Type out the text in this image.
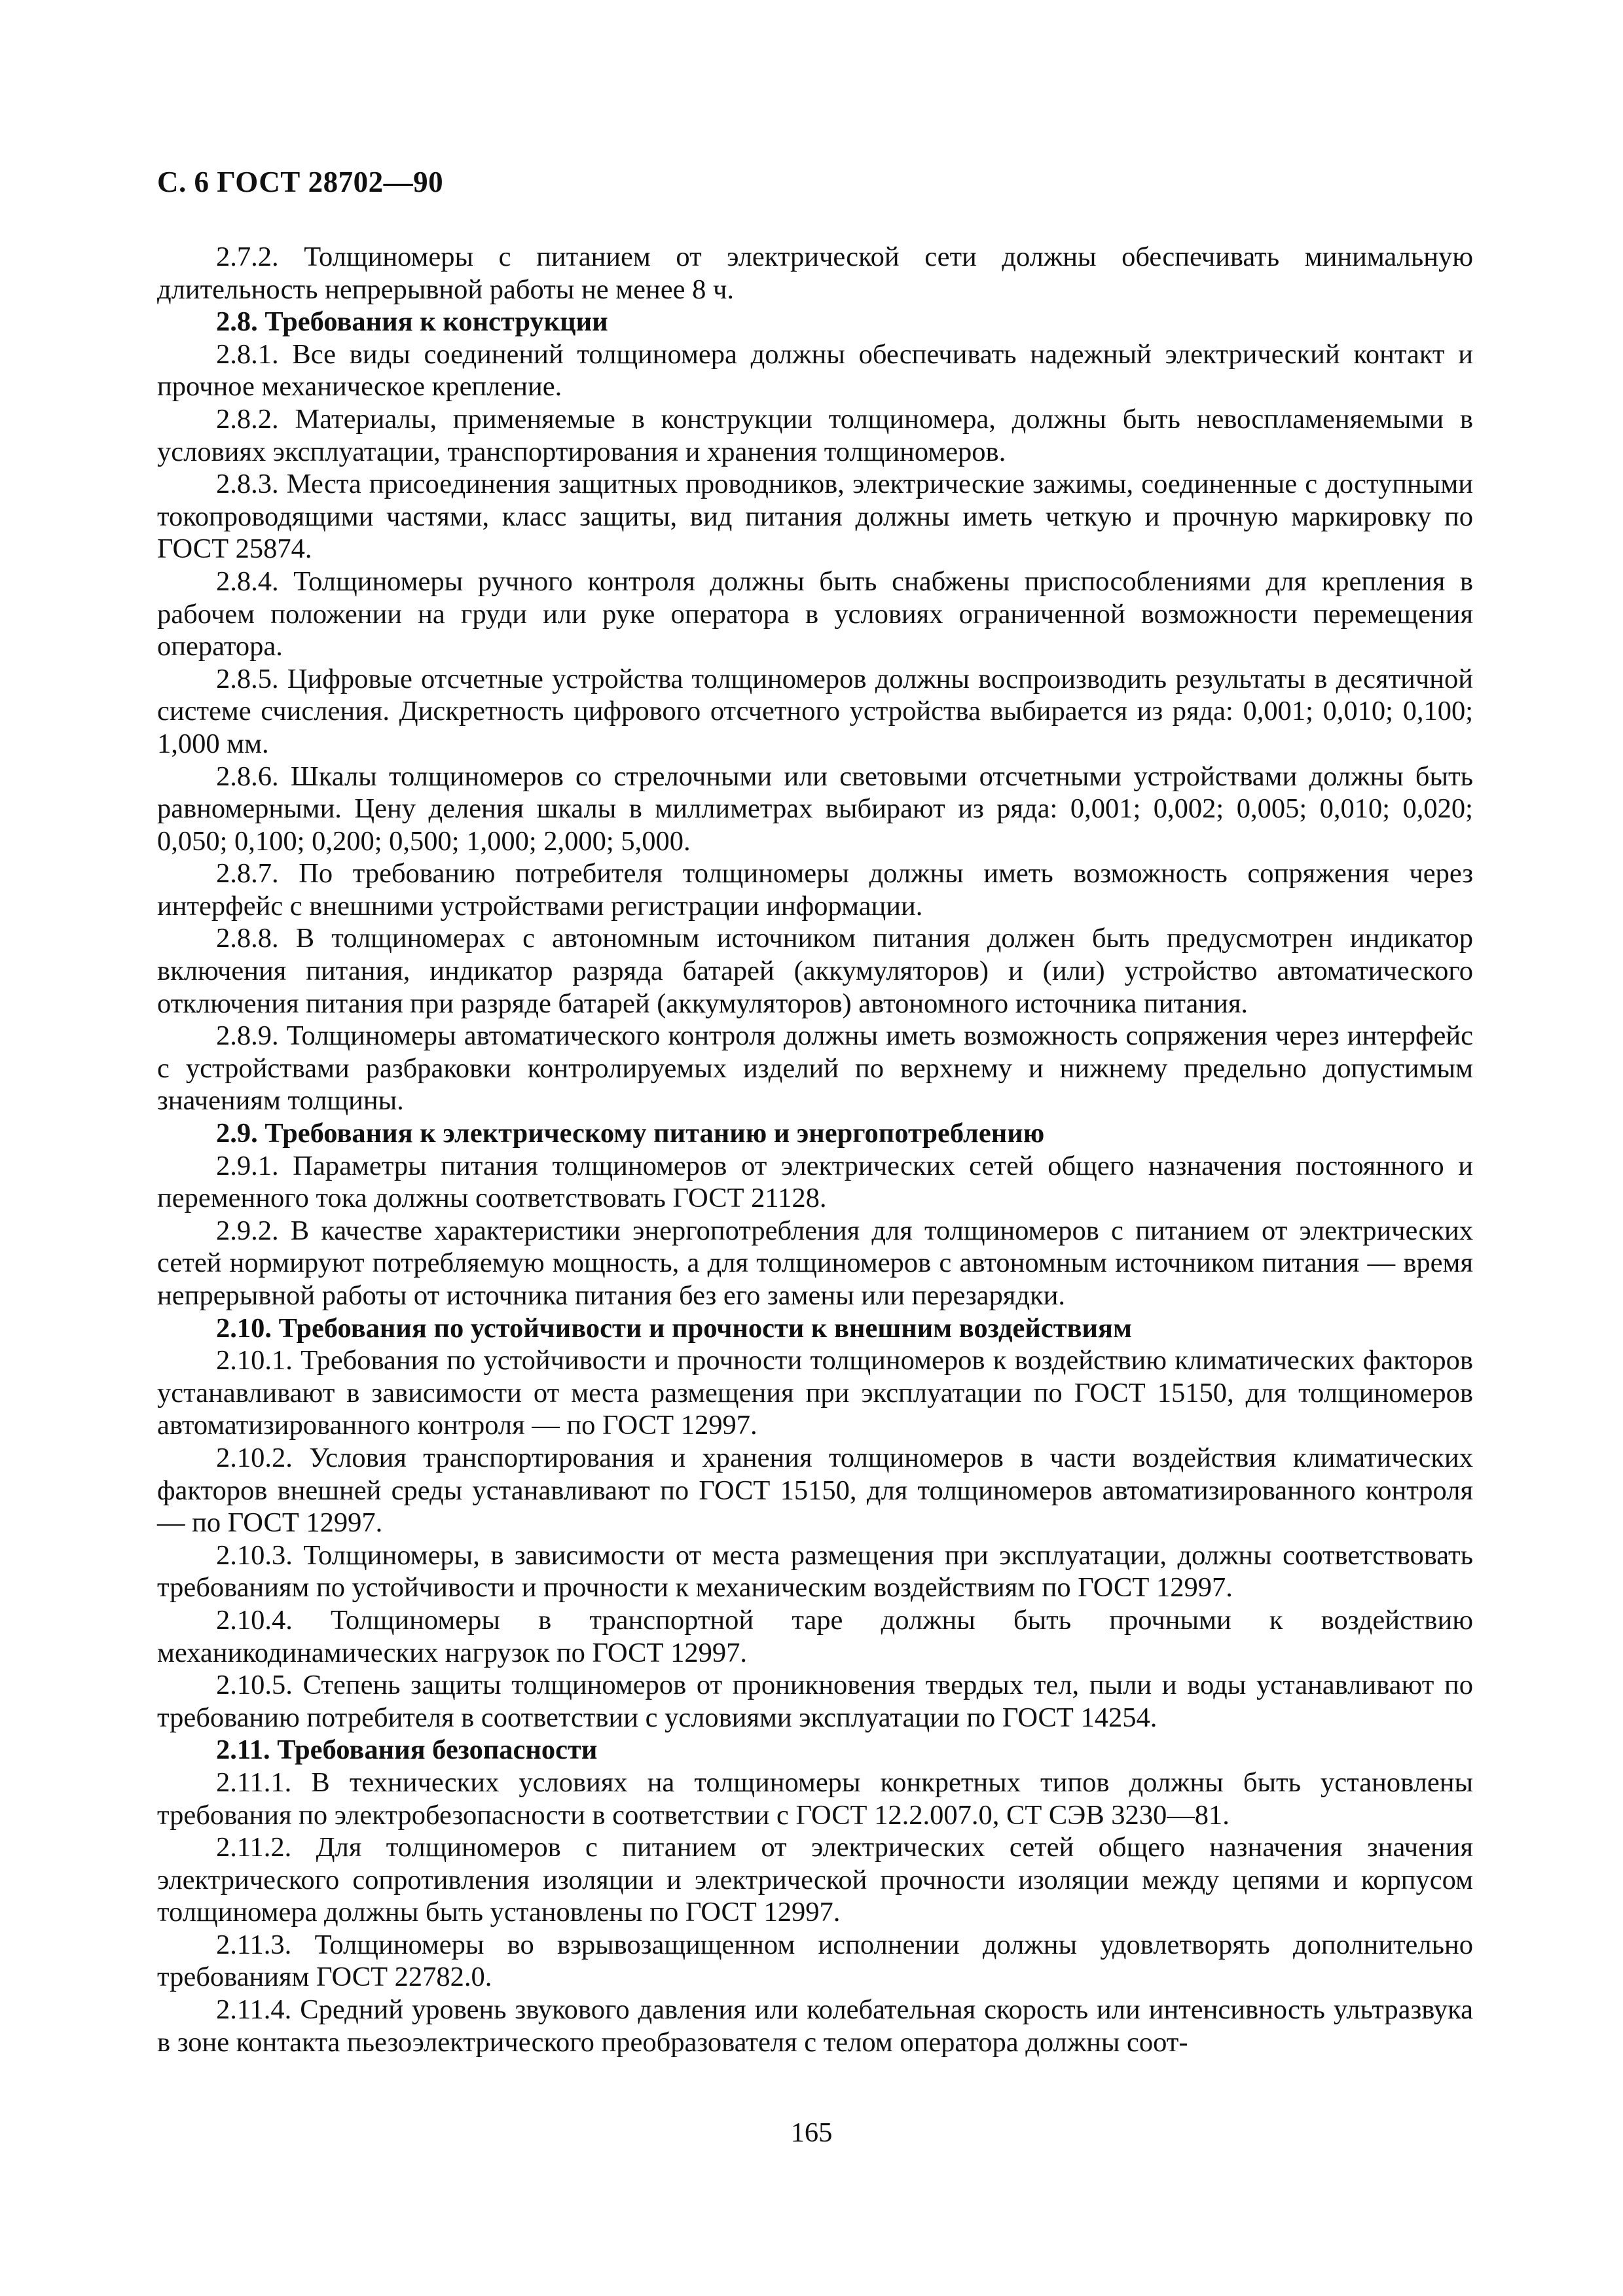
С. 6 ГОСТ 28702—90

2.7.2. Толщиномеры с питанием от электрической сети должны обеспечивать минимальную длительность непрерывной работы не менее 8 ч.

2.8. Требования к конструкции

2.8.1. Все виды соединений толщиномера должны обеспечивать надежный электрический контакт и прочное механическое крепление.

2.8.2. Материалы, применяемые в конструкции толщиномера, должны быть невоспламеняемыми в условиях эксплуатации, транспортирования и хранения толщиномеров.

2.8.3. Места присоединения защитных проводников, электрические зажимы, соединенные с доступными токопроводящими частями, класс защиты, вид питания должны иметь четкую и прочную маркировку по ГОСТ 25874.

2.8.4. Толщиномеры ручного контроля должны быть снабжены приспособлениями для крепления в рабочем положении на груди или руке оператора в условиях ограниченной возможности перемещения оператора.

2.8.5. Цифровые отсчетные устройства толщиномеров должны воспроизводить результаты в десятичной системе счисления. Дискретность цифрового отсчетного устройства выбирается из ряда: 0,001; 0,010; 0,100; 1,000 мм.

2.8.6. Шкалы толщиномеров со стрелочными или световыми отсчетными устройствами должны быть равномерными. Цену деления шкалы в миллиметрах выбирают из ряда: 0,001; 0,002; 0,005; 0,010; 0,020; 0,050; 0,100; 0,200; 0,500; 1,000; 2,000; 5,000.

2.8.7. По требованию потребителя толщиномеры должны иметь возможность сопряжения через интерфейс с внешними устройствами регистрации информации.

2.8.8. В толщиномерах с автономным источником питания должен быть предусмотрен индикатор включения питания, индикатор разряда батарей (аккумуляторов) и (или) устройство автоматического отключения питания при разряде батарей (аккумуляторов) автономного источника питания.

2.8.9. Толщиномеры автоматического контроля должны иметь возможность сопряжения через интерфейс с устройствами разбраковки контролируемых изделий по верхнему и нижнему предельно допустимым значениям толщины.

2.9. Требования к электрическому питанию и энергопотреблению

2.9.1. Параметры питания толщиномеров от электрических сетей общего назначения постоянного и переменного тока должны соответствовать ГОСТ 21128.

2.9.2. В качестве характеристики энергопотребления для толщиномеров с питанием от электрических сетей нормируют потребляемую мощность, а для толщиномеров с автономным источником питания — время непрерывной работы от источника питания без его замены или перезарядки.

2.10. Требования по устойчивости и прочности к внешним воздействиям

2.10.1. Требования по устойчивости и прочности толщиномеров к воздействию климатических факторов устанавливают в зависимости от места размещения при эксплуатации по ГОСТ 15150, для толщиномеров автоматизированного контроля — по ГОСТ 12997.

2.10.2. Условия транспортирования и хранения толщиномеров в части воздействия климатических факторов внешней среды устанавливают по ГОСТ 15150, для толщиномеров автоматизированного контроля — по ГОСТ 12997.

2.10.3. Толщиномеры, в зависимости от места размещения при эксплуатации, должны соответствовать требованиям по устойчивости и прочности к механическим воздействиям по ГОСТ 12997.

2.10.4. Толщиномеры в транспортной таре должны быть прочными к воздействию механикодинамических нагрузок по ГОСТ 12997.

2.10.5. Степень защиты толщиномеров от проникновения твердых тел, пыли и воды устанавливают по требованию потребителя в соответствии с условиями эксплуатации по ГОСТ 14254.

2.11. Требования безопасности

2.11.1. В технических условиях на толщиномеры конкретных типов должны быть установлены требования по электробезопасности в соответствии с ГОСТ 12.2.007.0, СТ СЭВ 3230—81.

2.11.2. Для толщиномеров с питанием от электрических сетей общего назначения значения электрического сопротивления изоляции и электрической прочности изоляции между цепями и корпусом толщиномера должны быть установлены по ГОСТ 12997.

2.11.3. Толщиномеры во взрывозащищенном исполнении должны удовлетворять дополнительно требованиям ГОСТ 22782.0.

2.11.4. Средний уровень звукового давления или колебательная скорость или интенсивность ультразвука в зоне контакта пьезоэлектрического преобразователя с телом оператора должны соот-

165
